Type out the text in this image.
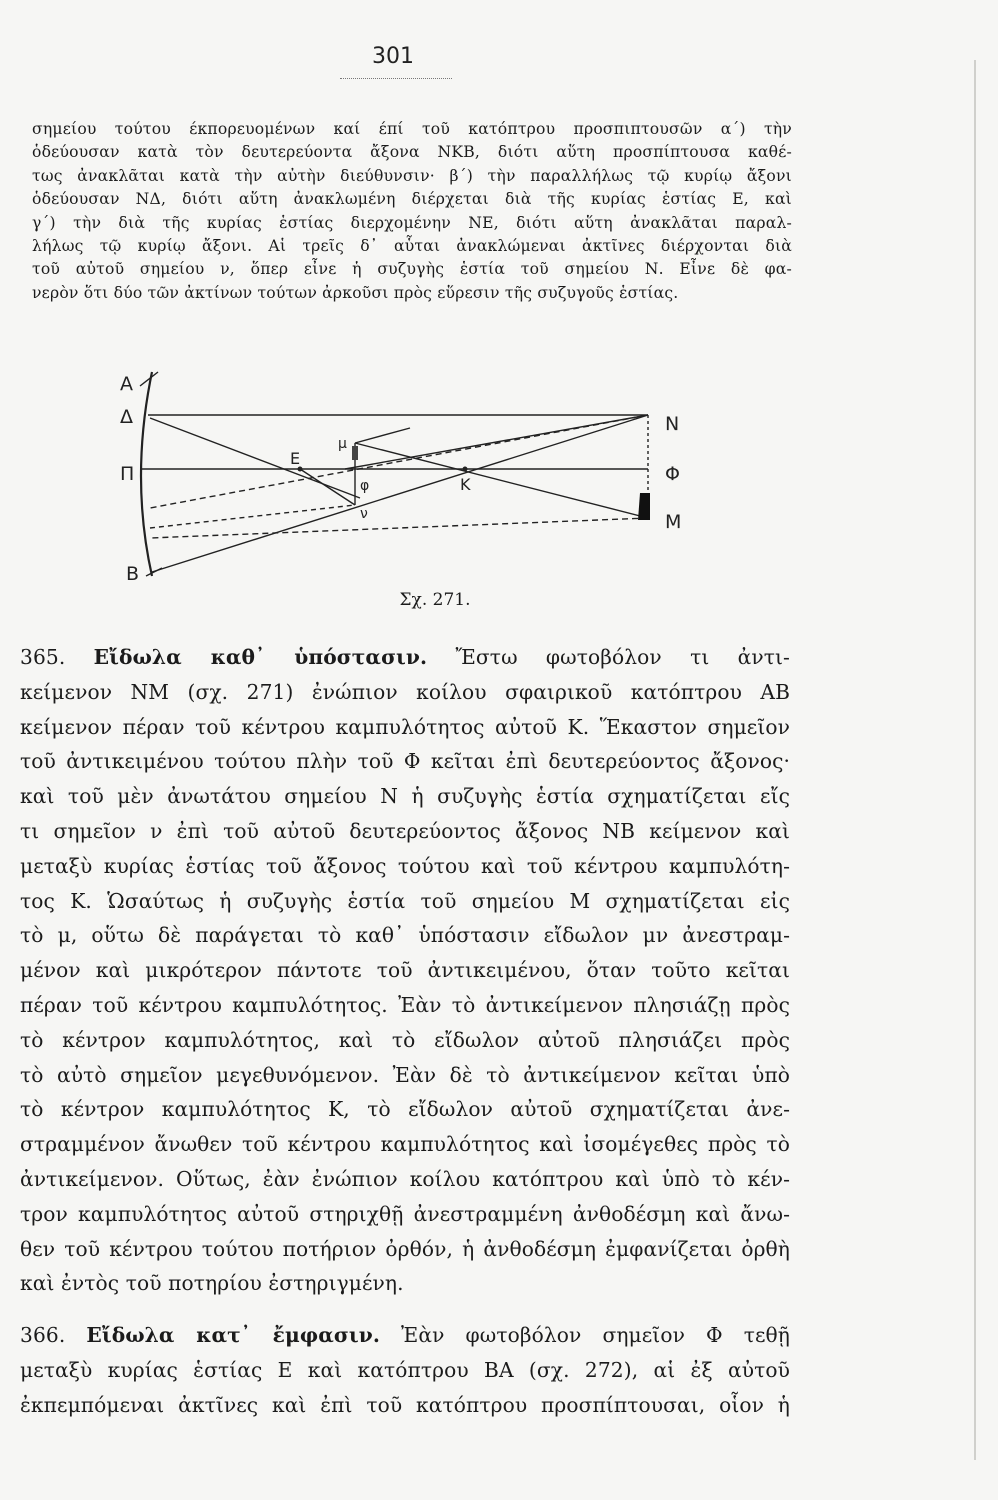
301
σημείου τούτου έκπορευομένων καί έπί τοῦ κατόπτρου προσπιπτουσῶν α΄) τὴν
ὁδεύουσαν κατὰ τὸν δευτερεύοντα ἄξονα ΝΚΒ, διότι αὕτη προσπίπτουσα καθέ-
τως ἀνακλᾶται κατὰ τὴν αὐτὴν διεύθυνσιν· β΄) τὴν παραλλήλως τῷ κυρίῳ ἄξονι
ὁδεύουσαν ΝΔ, διότι αὕτη ἀνακλωμένη διέρχεται διὰ τῆς κυρίας ἑστίας Ε, καὶ
γ΄) τὴν διὰ τῆς κυρίας ἑστίας διερχομένην ΝΕ, διότι αὕτη ἀνακλᾶται παραλ-
λήλως τῷ κυρίῳ ἄξονι. Αἱ τρεῖς δ᾽ αὗται ἀνακλώμεναι ἀκτῖνες διέρχονται διὰ
τοῦ αὐτοῦ σημείου ν, ὅπερ εἶνε ἡ συζυγὴς ἑστία τοῦ σημείου Ν. Εἶνε δὲ φα-
νερὸν ὅτι δύο τῶν ἀκτίνων τούτων ἀρκοῦσι πρὸς εὕρεσιν τῆς συζυγοῦς ἑστίας.
Α
Δ
Π
Β
Ν
Φ
Μ
Ε
Κ
μ
φ
ν
Σχ. 271.
365. Εἴδωλα καθ᾽ ὑπόστασιν. Ἔστω φωτοβόλον τι ἀντι-
κείμενον ΝΜ (σχ. 271) ἐνώπιον κοίλου σφαιρικοῦ κατόπτρου ΑΒ
κείμενον πέραν τοῦ κέντρου καμπυλότητος αὐτοῦ Κ. Ἕκαστον σημεῖον
τοῦ ἀντικειμένου τούτου πλὴν τοῦ Φ κεῖται ἐπὶ δευτερεύοντος ἄξονος·
καὶ τοῦ μὲν ἀνωτάτου σημείου Ν ἡ συζυγὴς ἑστία σχηματίζεται εἴς
τι σημεῖον ν ἐπὶ τοῦ αὐτοῦ δευτερεύοντος ἄξονος ΝΒ κείμενον καὶ
μεταξὺ κυρίας ἑστίας τοῦ ἄξονος τούτου καὶ τοῦ κέντρου καμπυλότη-
τος Κ. Ὡσαύτως ἡ συζυγὴς ἑστία τοῦ σημείου Μ σχηματίζεται εἰς
τὸ μ, οὕτω δὲ παράγεται τὸ καθ᾽ ὑπόστασιν εἴδωλον μν ἀνεστραμ-
μένον καὶ μικρότερον πάντοτε τοῦ ἀντικειμένου, ὅταν τοῦτο κεῖται
πέραν τοῦ κέντρου καμπυλότητος. Ἐὰν τὸ ἀντικείμενον πλησιάζῃ πρὸς
τὸ κέντρον καμπυλότητος, καὶ τὸ εἴδωλον αὐτοῦ πλησιάζει πρὸς
τὸ αὐτὸ σημεῖον μεγεθυνόμενον. Ἐὰν δὲ τὸ ἀντικείμενον κεῖται ὑπὸ
τὸ κέντρον καμπυλότητος Κ, τὸ εἴδωλον αὐτοῦ σχηματίζεται ἀνε-
στραμμένον ἄνωθεν τοῦ κέντρου καμπυλότητος καὶ ἰσομέγεθες πρὸς τὸ
ἀντικείμενον. Οὕτως, ἐὰν ἐνώπιον κοίλου κατόπτρου καὶ ὑπὸ τὸ κέν-
τρον καμπυλότητος αὐτοῦ στηριχθῇ ἀνεστραμμένη ἀνθοδέσμη καὶ ἄνω-
θεν τοῦ κέντρου τούτου ποτήριον ὀρθόν, ἡ ἀνθοδέσμη ἐμφανίζεται ὀρθὴ
καὶ ἐντὸς τοῦ ποτηρίου ἐστηριγμένη.
366. Εἴδωλα κατ᾽ ἔμφασιν. Ἐὰν φωτοβόλον σημεῖον Φ τεθῇ
μεταξὺ κυρίας ἑστίας Ε καὶ κατόπτρου ΒΑ (σχ. 272), αἱ ἐξ αὐτοῦ
ἐκπεμπόμεναι ἀκτῖνες καὶ ἐπὶ τοῦ κατόπτρου προσπίπτουσαι, οἷον ἡ
